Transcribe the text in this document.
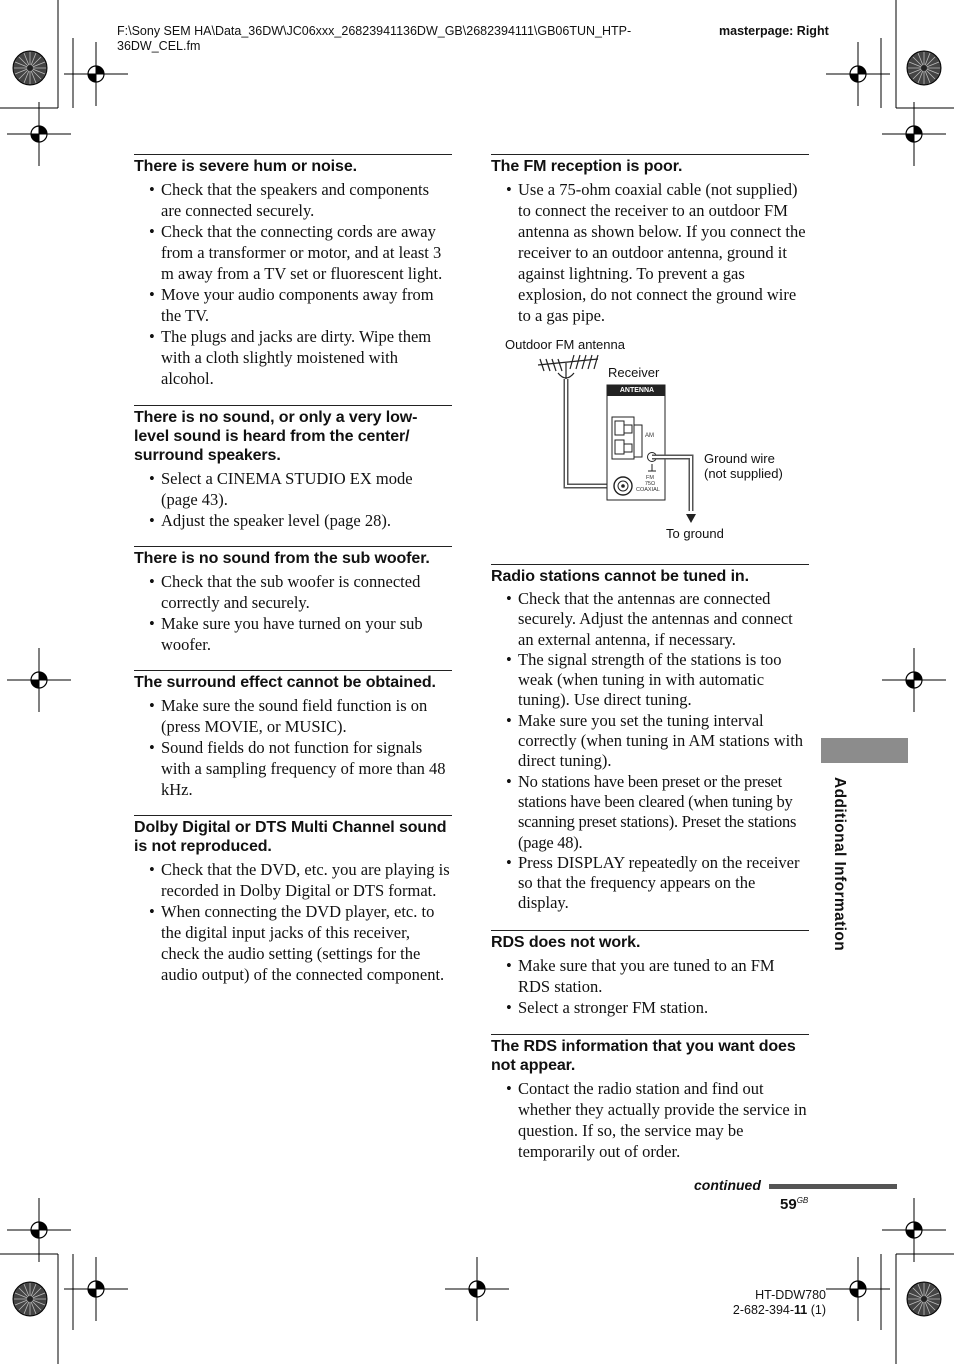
F:\Sony SEM HA\Data_36DW\JC06xxx_26823941136DW_GB\2682394111\GB06TUN_HTP-36DW_CEL.fm
masterpage: Right
There is severe hum or noise.
• Check that the speakers and components are connected securely.
• Check that the connecting cords are away from a transformer or motor, and at least 3 m away from a TV set or fluorescent light.
• Move your audio components away from the TV.
• The plugs and jacks are dirty. Wipe them with a cloth slightly moistened with alcohol.
There is no sound, or only a very low-level sound is heard from the center/ surround speakers.
• Select a CINEMA STUDIO EX mode (page 43).
• Adjust the speaker level (page 28).
There is no sound from the sub woofer.
• Check that the sub woofer is connected correctly and securely.
• Make sure you have turned on your sub woofer.
The surround effect cannot be obtained.
• Make sure the sound field function is on (press MOVIE, or MUSIC).
• Sound fields do not function for signals with a sampling frequency of more than 48 kHz.
Dolby Digital or DTS Multi Channel sound is not reproduced.
• Check that the DVD, etc. you are playing is recorded in Dolby Digital or DTS format.
• When connecting the DVD player, etc. to the digital input jacks of this receiver, check the audio setting (settings for the audio output) of the connected component.
The FM reception is poor.
• Use a 75-ohm coaxial cable (not supplied) to connect the receiver to an outdoor FM antenna as shown below. If you connect the receiver to an outdoor antenna, ground it against lightning. To prevent a gas explosion, do not connect the ground wire to a gas pipe.
Outdoor FM antenna
Receiver
ANTENNA
AM
FM
75Ω
COAXIAL
Ground wire
(not supplied)
To ground
Radio stations cannot be tuned in.
• Check that the antennas are connected securely. Adjust the antennas and connect an external antenna, if necessary.
• The signal strength of the stations is too weak (when tuning in with automatic tuning). Use direct tuning.
• Make sure you set the tuning interval correctly (when tuning in AM stations with direct tuning).
• No stations have been preset or the preset stations have been cleared (when tuning by scanning preset stations). Preset the stations (page 48).
• Press DISPLAY repeatedly on the receiver so that the frequency appears on the display.
RDS does not work.
• Make sure that you are tuned to an FM RDS station.
• Select a stronger FM station.
The RDS information that you want does not appear.
• Contact the radio station and find out whether they actually provide the service in question. If so, the service may be temporarily out of order.
Additional Information
continued
$59^{GB}$
HT-DDW780
2-682-394-11 (1)
